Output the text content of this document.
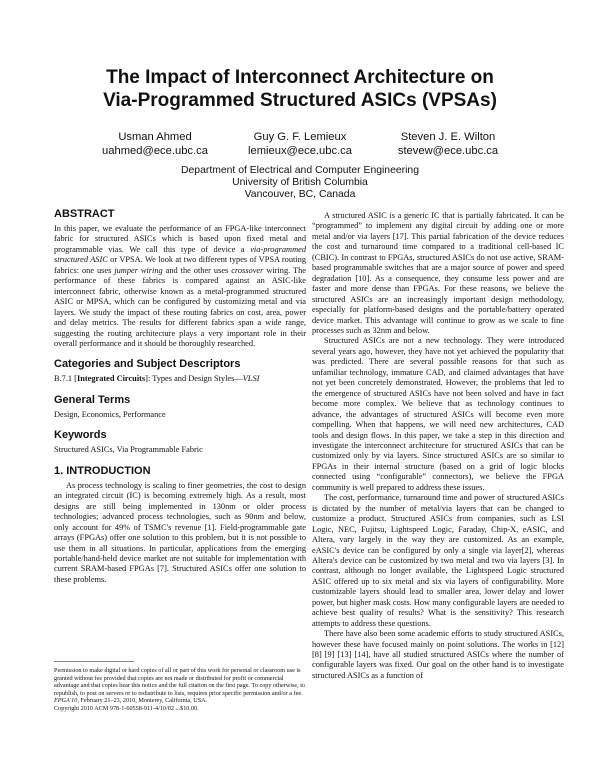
The Impact of Interconnect Architecture on
Via-Programmed Structured ASICs (VPSAs)
Usman Ahmed
uahmed@ece.ubc.ca
Guy G. F. Lemieux
lemieux@ece.ubc.ca
Steven J. E. Wilton
stevew@ece.ubc.ca
Department of Electrical and Computer Engineering
University of British Columbia
Vancouver, BC, Canada
ABSTRACT

In this paper, we evaluate the performance of an FPGA-like interconnect fabric for structured ASICs which is based upon fixed metal and programmable vias. We call this type of device a via-programmed structured ASIC or VPSA. We look at two different types of VPSA routing fabrics: one uses jumper wiring and the other uses crossover wiring. The performance of these fabrics is compared against an ASIC-like interconnect fabric, otherwise known as a metal-programmed structured ASIC or MPSA, which can be configured by customizing metal and via layers. We study the impact of these routing fabrics on cost, area, power and delay metrics. The results for different fabrics span a wide range, suggesting the routing architecture plays a very important role in their overall performance and it should be thoroughly researched.

Categories and Subject Descriptors

B.7.1 [Integrated Circuits]: Types and Design Styles—VLSI

General Terms

Design, Economics, Performance

Keywords

Structured ASICs, Via Programmable Fabric

1. INTRODUCTION

As process technology is scaling to finer geometries, the cost to design an integrated circuit (IC) is becoming extremely high. As a result, most designs are still being implemented in 130nm or older process technologies; advanced process technologies, such as 90nm and below, only account for 49% of TSMC's revenue [1]. Field-programmable gate arrays (FPGAs) offer one solution to this problem, but it is not possible to use them in all situations. In particular, applications from the emerging portable/hand-held device market are not suitable for implementation with current SRAM-based FPGAs [7]. Structured ASICs offer one solution to these problems.

Permission to make digital or hard copies of all or part of this work for personal or classroom use is granted without fee provided that copies are not made or distributed for profit or commercial advantage and that copies bear this notice and the full citation on the first page. To copy otherwise, to republish, to post on servers or to redistribute to lists, requires prior specific permission and/or a fee.
FPGA'10, February 21–23, 2010, Monterey, California, USA.
Copyright 2010 ACM 978-1-60558-911-4/10/02 ...$10.00.

A structured ASIC is a generic IC that is partially fabricated. It can be “programmed” to implement any digital circuit by adding one or more metal and/or via layers [17]. This partial fabrication of the device reduces the cost and turnaround time compared to a traditional cell-based IC (CBIC). In contrast to FPGAs, structured ASICs do not use active, SRAM-based programmable switches that are a major source of power and speed degradation [10]. As a consequence, they consume less power and are faster and more dense than FPGAs. For these reasons, we believe the structured ASICs are an increasingly important design methodology, especially for platform-based designs and the portable/battery operated device market. This advantage will continue to grow as we scale to fine processes such as 32nm and below.

Structured ASICs are not a new technology. They were introduced several years ago, however, they have not yet achieved the popularity that was predicted. There are several possible reasons for that such as unfamiliar technology, immature CAD, and claimed advantages that have not yet been concretely demonstrated. However, the problems that led to the emergence of structured ASICs have not been solved and have in fact become more complex. We believe that as technology continues to advance, the advantages of structured ASICs will become even more compelling. When that happens, we will need new architectures, CAD tools and design flows. In this paper, we take a step in this direction and investigate the interconnect architecture for structured ASICs that can be customized only by via layers. Since structured ASICs are so similar to FPGAs in their internal structure (based on a grid of logic blocks connected using “configurable” connectors), we believe the FPGA community is well prepared to address these issues.

The cost, performance, turnaround time and power of structured ASICs is dictated by the number of metal/via layers that can be changed to customize a product. Structured ASICs from companies, such as LSI Logic, NEC, Fujitsu, Lightspeed Logic, Faraday, Chip-X, eASIC, and Altera, vary largely in the way they are customized. As an example, eASIC's device can be configured by only a single via layer[2], whereas Altera's device can be customized by two metal and two via layers [3]. In contrast, although no longer available, the Lightspeed Logic structured ASIC offered up to six metal and six via layers of configurability. More customizable layers should lead to smaller area, lower delay and lower power, but higher mask costs. How many configurable layers are needed to achieve best quality of results? What is the sensitivity? This research attempts to address these questions.

There have also been some academic efforts to study structured ASICs, however these have focused mainly on point solutions. The works in [12] [8] [9] [13] [14], have all studied structured ASICs where the number of configurable layers was fixed. Our goal on the other hand is to investigate structured ASICs as a function of
